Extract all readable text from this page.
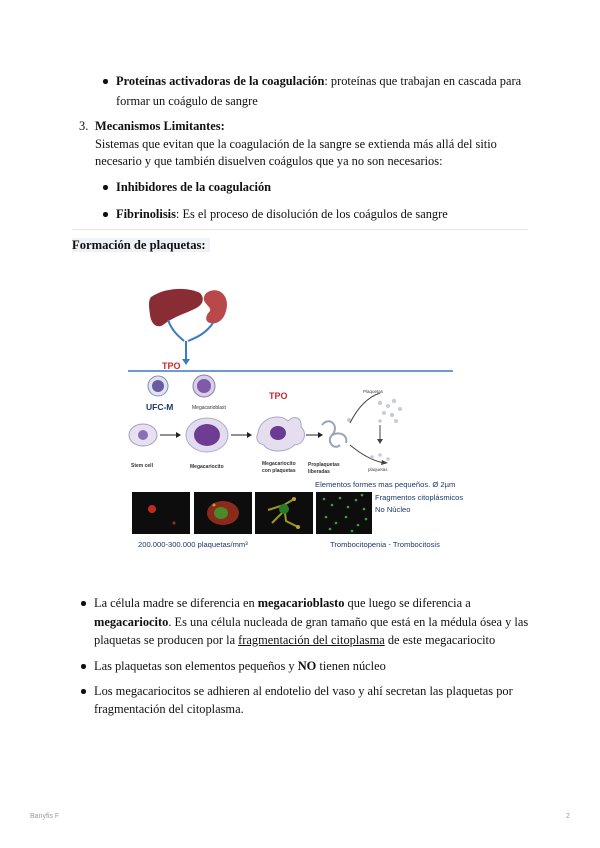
Proteínas activadoras de la coagulación: proteínas que trabajan en cascada para
formar un coágulo de sangre
3. Mecanismos Limitantes:
Sistemas que evitan que la coagulación de la sangre se extienda más allá del sitio
necesario y que también disuelven coágulos que ya no son necesarios:
Inhibidores de la coagulación
Fibrinolisis: Es el proceso de disolución de los coágulos de sangre
Formación de plaquetas:
TPO
UFC-M	Megacarioblast
TPO	Plaquetas
plaquetas
Stem cell	Megacariocito	Megacariocito
con plaquetas
Proplaquetas
liberadas
Elementos formes mas pequeños. Ø 2µm
Fragmentos citoplásmicos
No Núcleo
200.000-300.000 plaquetas/mm³	Trombocitopenia - Trombocitosis
La célula madre se diferencia en megacarioblasto que luego se diferencia a
megacariocito. Es una célula nucleada de gran tamaño que está en la médula ósea y las
plaquetas se producen por la fragmentación del citoplasma de este megacariocito
Las plaquetas son elementos pequeños y NO tienen núcleo
Los megacariocitos se adhieren al endotelio del vaso y ahí secretan las plaquetas por
fragmentación del citoplasma.
Banyfis F	2
